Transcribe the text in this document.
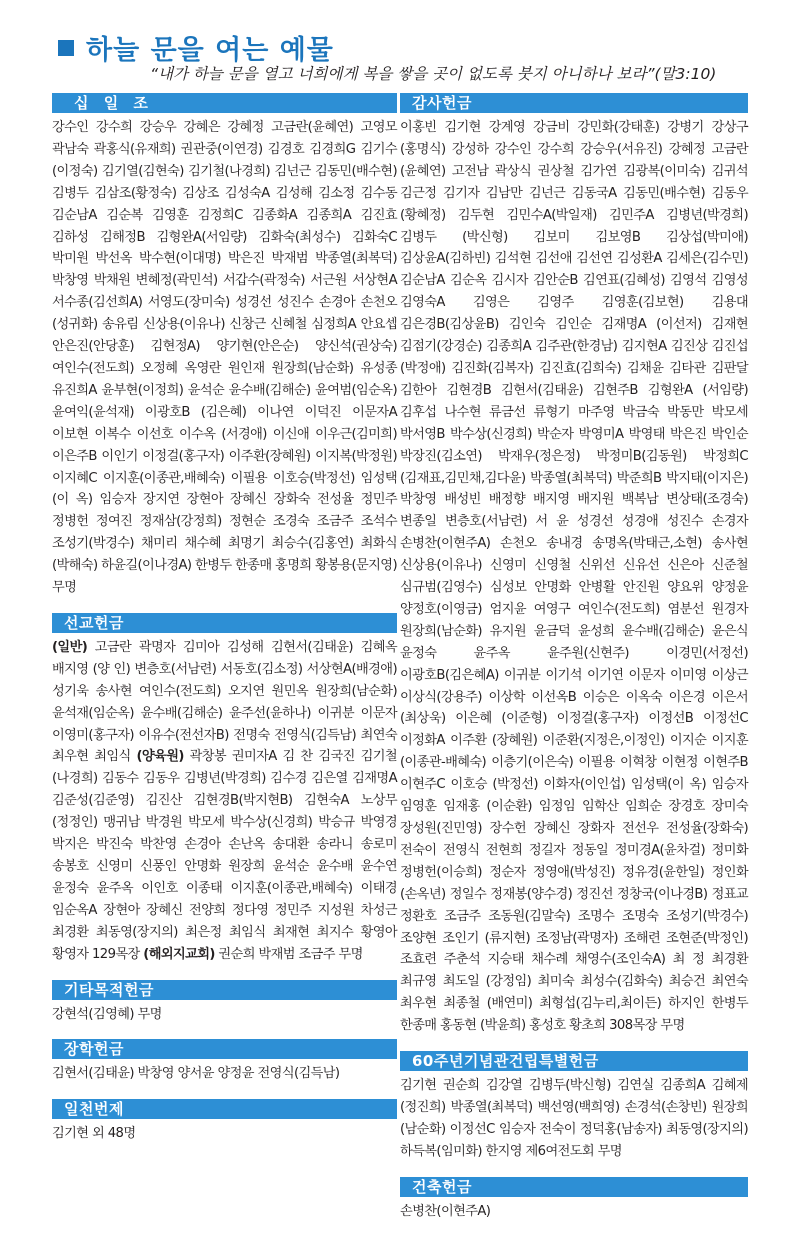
하늘 문을 여는 예물
“내가 하늘 문을 열고 너희에게 복을 쌓을 곳이 없도록 붓지 아니하나 보라”(말3:10)
십 일 조
강수인 강수희 강승우 강혜은 강혜정 고금란(윤혜연) 고영모 곽남숙 곽홍식(유재희) 권관중(이연경) 김경호 김경희G 김기수(이정숙) 김기열(김현숙) 김기철(나경희) 김넌근 김동민(배수현) 김병두 김삼조(황정숙) 김상조 김성숙A 김성해 김소정 김수동 김순남A 김순복 김영훈 김정희C 김종화A 김종희A 김진효 김하성 김해정B 김형완A(서임량) 김화숙(최성수) 김화숙C 박미원 박선옥 박수현(이대명) 박은진 박재범 박종열(최복덕) 박창영 박채원 변혜정(곽민석) 서갑수(곽정숙) 서근원 서상현A 서수종(김선희A) 서영도(장미숙) 성경선 성진수 손경아 손천오(성귀화) 송유림 신상용(이유나) 신창근 신혜철 심정희A 안요셉 안은진(안당훈) 김현정A) 양기현(안은순) 양신석(권상숙) 여인수(전도희) 오정혜 옥영란 원인재 원장희(남순화) 유성종 유진희A 윤부현(이정희) 윤석순 윤수배(김해순) 윤여범(임순옥) 윤여익(윤석재) 이광호B (김은혜) 이나연 이덕진 이문자A 이보현 이복수 이선호 이수옥 (서경애) 이신애 이우근(김미희) 이은주B 이인기 이정걸(홍구자) 이주환(장혜원) 이지복(박정원) 이지혜C 이지훈(이종관,배혜숙) 이필용 이호승(박정선) 임성택(이 옥) 임승자 장지연 장현아 장혜신 장화숙 전성율 정민주 정병헌 정여진 정재삼(강정희) 정현순 조경숙 조금주 조석수 조성기(박경수) 채미리 채수혜 최명기 최승수(김홍연) 최화식(박해숙) 하윤길(이나경A) 한병두 한종매 홍명희 황봉용(문지영) 무명
선교헌금
(일반) 고금란 곽명자 김미아 김성해 김현서(김태윤) 김혜옥 배지영 (양 인) 변층호(서남련) 서동호(김소정) 서상현A(배경애) 성기욱 송사현 여인수(전도희) 오지연 원민옥 원장희(남순화) 윤석재(임순옥) 윤수배(김해순) 윤주선(윤하나) 이귀분 이문자 이영미(홍구자) 이유수(전선자B) 전명숙 전영식(김득남) 최연숙 최우현 최임식 (양육원) 곽창봉 권미자A 김 찬 김국진 김기철(나경희) 김동수 김동우 김병년(박경희) 김수경 김은열 김재명A 김준성(김준영) 김진산 김현경B(박지현B) 김현숙A 노상무(정정인) 맹귀남 박경원 박모세 박수상(신경희) 박승규 박영경 박지은 박진숙 박찬영 손경아 손난옥 송대환 송라니 송로미 송봉호 신영미 신풍인 안명화 원장희 윤석순 윤수배 윤수연 윤정숙 윤주옥 이인호 이종태 이지훈(이종관,배혜숙) 이태경 임순옥A 장현아 장혜신 전양희 정다영 정민주 지성원 차성근 최경환 최동영(장지의) 최은정 최임식 최재현 최지수 황영아 황영자 129목장 (해외지교회) 권순희 박재범 조금주 무명
기타목적헌금
강현석(김영혜) 무명
장학헌금
김현서(김태윤) 박창영 양서윤 양정윤 전영식(김득남)
일천번제
김기현 외 48명
감사헌금
이홍빈 김기현 강계영 강금비 강민화(강태훈) 강병기 강상구 (홍명식) 강성하 강수인 강수희 강승우(서유진) 강혜정 고금란 (윤혜연) 고전남 곽상식 권상철 김가연 김광복(이미숙) 김귀석 김근정 김기자 김남만 김넌근 김동국A 김동민(배수현) 김동우 (황혜정) 김두현 김민수A(박일재) 김민주A 김병년(박경희) 김병두 (박신형) 김보미 김보영B 김상섭(박미애) 김상윤A(김하빈) 김석현 김선애 김선연 김성환A 김세은(김수민) 김순남A 김순옥 김시자 김안순B 김연표(김혜성) 김영석 김영성 김영숙A 김영은 김영주 김영훈(김보현) 김용대 김은경B(김상윤B) 김인숙 김인순 김재명A (이선저) 김재현 김점기(강경순) 김종희A 김주관(한경남) 김지현A 김진상 김진섭(박정애) 김진화(김복자) 김진효(김희숙) 김채윤 김타관 김판달 김한아 김현경B 김현서(김태윤) 김현주B 김형완A (서임량) 김후섭 나수현 류금선 류형기 마주영 박금숙 박동만 박모세 박서영B 박수상(신경희) 박순자 박영미A 박영태 박은진 박인순 박장진(김소연) 박재우(정은정) 박정미B(김동원) 박정희C (김재표,김민채,김다윤) 박종열(최복덕) 박준희B 박지태(이지은) 박창영 배성빈 배정향 배지영 배지원 백복남 변상태(조경숙) 변종일 변층호(서남련) 서 윤 성경선 성경애 성진수 손경자 손병찬(이현주A) 손천오 송내경 송명옥(박태근,소현) 송사현 신상용(이유나) 신영미 신영철 신위선 신유선 신은아 신준철 심규범(김영수) 심성보 안명화 안병활 안진원 양요위 양정윤 양정호(이영금) 엄지윤 여영구 여인수(전도희) 염분선 원경자 원장희(남순화) 유지원 윤금덕 윤성희 윤수배(김해순) 윤은식 윤정숙 윤주옥 윤주원(신현주) 이경민(서정선) 이광호B(김은혜A) 이귀분 이기석 이기연 이문자 이미영 이상근 이상식(강용주) 이상학 이선옥B 이승은 이옥숙 이은경 이은서(최상욱) 이은혜 (이준형) 이정걸(홍구자) 이정선B 이정선C 이정화A 이주환 (장혜원) 이준환(지정은,이정인) 이지순 이지훈(이종관-배혜숙) 이층기(이은숙) 이필용 이혁창 이현정 이현주B 이현주C 이호승 (박정선) 이화자(이인섭) 임성택(이 옥) 임승자 임영훈 임재홍 (이순환) 임정임 임학산 임희순 장경호 장미숙 장성원(진민영) 장수헌 장혜신 장화자 전선우 전성율(장화숙) 전숙이 전영식 전현희 정길자 정동일 정미경A(윤차걸) 정미화 정병헌(이승희) 정순자 정영애(박성진) 정유경(윤한일) 정인화(손옥년) 정일수 정재봉(양수경) 정진선 정창국(이나경B) 정표교 정환호 조금주 조동원(김말숙) 조명수 조명숙 조성기(박경수) 조양현 조인기 (류지현) 조정남(곽명자) 조해련 조현준(박정인) 조효련 주춘석 지승태 채수례 채영수(조인숙A) 최 정 최경환 최규영 최도일 (강정임) 최미숙 최성수(김화숙) 최승건 최연숙 최우현 최종철 (배연미) 최형섭(김누리,최이든) 하지인 한병두 한종매 홍동현 (박윤희) 홍성호 황초희 308목장 무명
60주년기념관건립특별헌금
김기현 권순희 김강열 김병두(박신형) 김연실 김종희A 김혜제 (정진희) 박종열(최복덕) 백선영(백희영) 손경석(손창빈) 원장희 (남순화) 이정선C 임승자 전숙이 정덕홍(남송자) 최동영(장지의) 하득복(임미화) 한지영 제6여전도회 무명
건축헌금
손병찬(이현주A)
